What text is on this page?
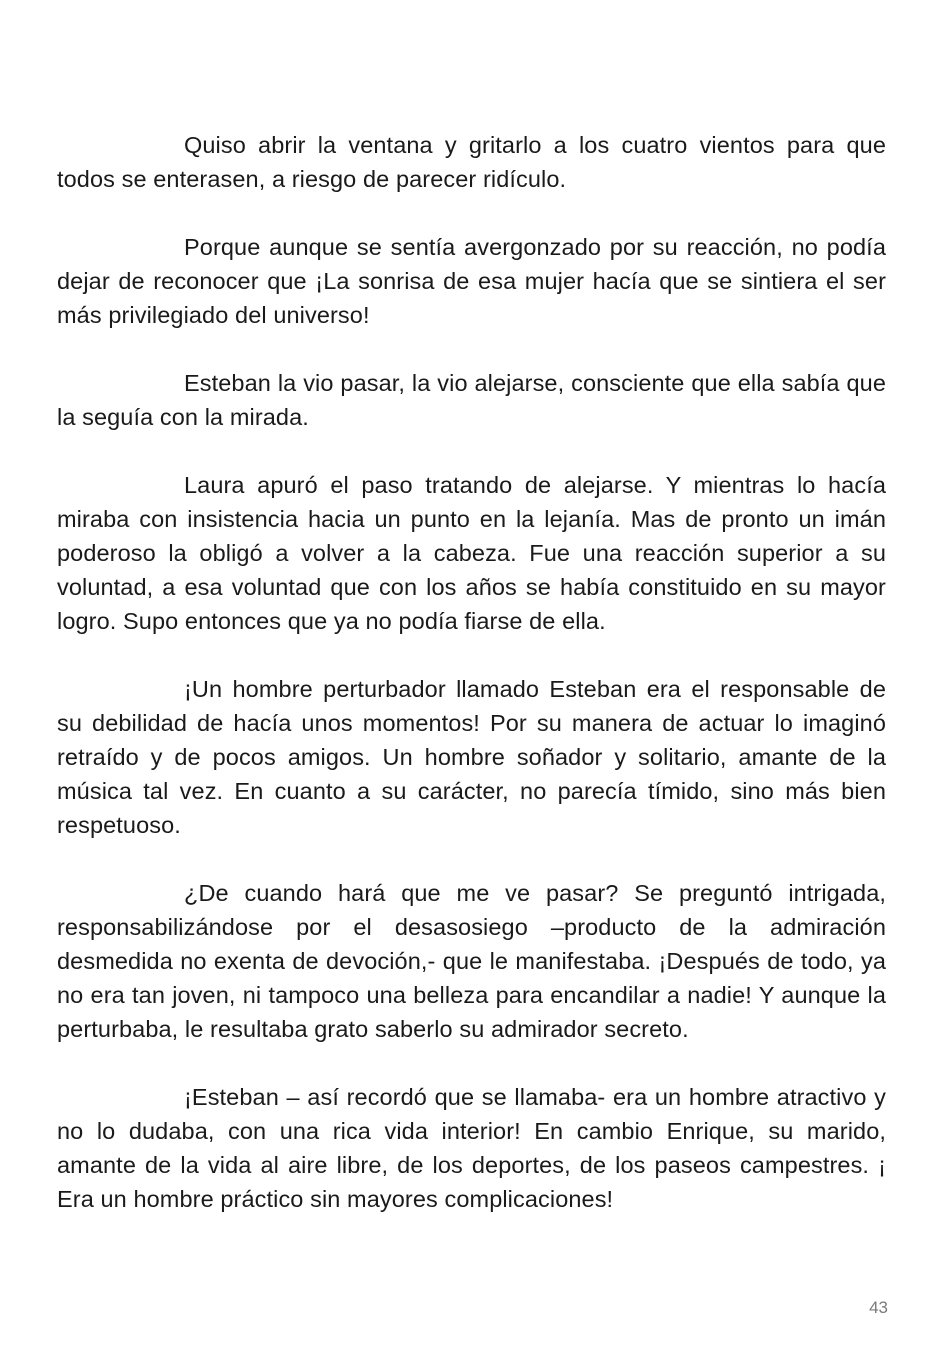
Quiso abrir la ventana y gritarlo a los cuatro vientos para que todos se enterasen, a riesgo de parecer ridículo.

Porque aunque se sentía avergonzado por su reacción, no podía dejar de reconocer que ¡La sonrisa de esa mujer hacía que se sintiera el ser más privilegiado del universo!

Esteban la vio pasar, la vio alejarse, consciente que ella sabía que la seguía con la mirada.

Laura apuró el paso tratando de alejarse. Y mientras lo hacía miraba con insistencia hacia un punto en la lejanía. Mas de pronto un imán poderoso la obligó a volver a la cabeza. Fue una reacción superior a su voluntad, a esa voluntad que con los años se había constituido en su mayor logro. Supo entonces que ya no podía fiarse de ella.

¡Un hombre perturbador llamado Esteban era el responsable de su debilidad de hacía unos momentos! Por su manera de actuar lo imaginó retraído y de pocos amigos. Un hombre soñador y solitario, amante de la música tal vez. En cuanto a su carácter, no parecía tímido, sino más bien respetuoso.

¿De cuando hará que me ve pasar? Se preguntó intrigada, responsabilizándose por el desasosiego –producto de la admiración desmedida no exenta de devoción,- que le manifestaba. ¡Después de todo, ya no era tan joven, ni tampoco una belleza para encandilar a nadie! Y aunque la perturbaba, le resultaba grato saberlo su admirador secreto.

¡Esteban – así recordó que se llamaba- era un hombre atractivo y no lo dudaba, con una rica vida interior! En cambio Enrique, su marido, amante de la vida al aire libre, de los deportes, de los paseos campestres. ¡ Era un hombre práctico sin mayores complicaciones!

43
